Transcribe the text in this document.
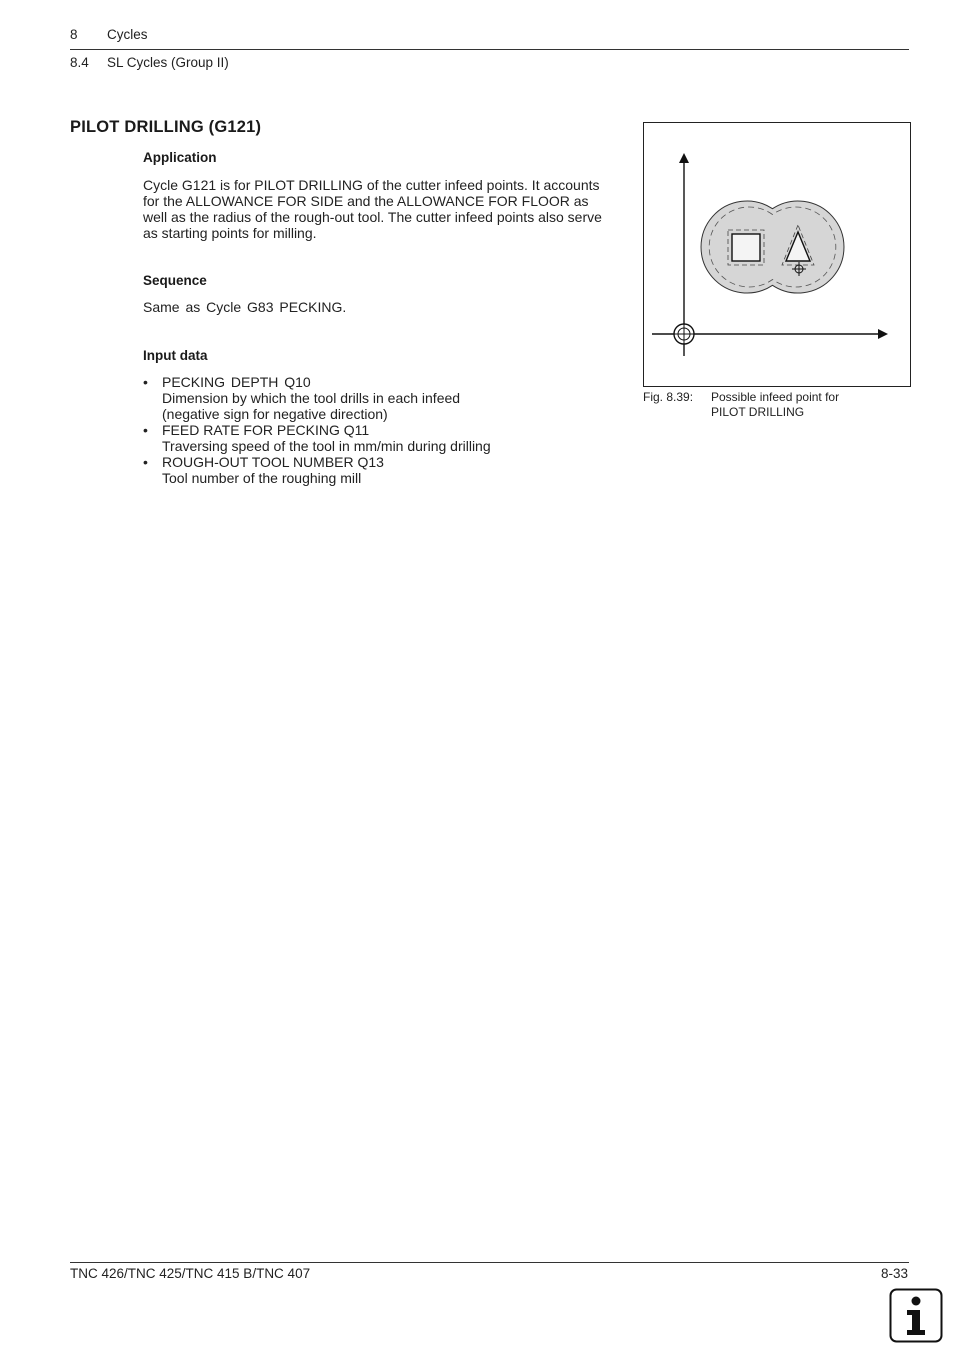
8 Cycles
8.4 SL Cycles (Group II)
PILOT DRILLING (G121)
Application
Cycle G121 is for PILOT DRILLING of the cutter infeed points. It accounts
for the ALLOWANCE FOR SIDE and the ALLOWANCE FOR FLOOR as
well as the radius of the rough-out tool. The cutter infeed points also serve
as starting points for milling.
Sequence
Same as Cycle G83 PECKING.
Input data
• PECKING DEPTH Q10
Dimension by which the tool drills in each infeed
(negative sign for negative direction)
• FEED RATE FOR PECKING Q11
Traversing speed of the tool in mm/min during drilling
• ROUGH-OUT TOOL NUMBER Q13
Tool number of the roughing mill
Fig. 8.39: Possible infeed point for
PILOT DRILLING
TNC 426/TNC 425/TNC 415 B/TNC 407	8-33
